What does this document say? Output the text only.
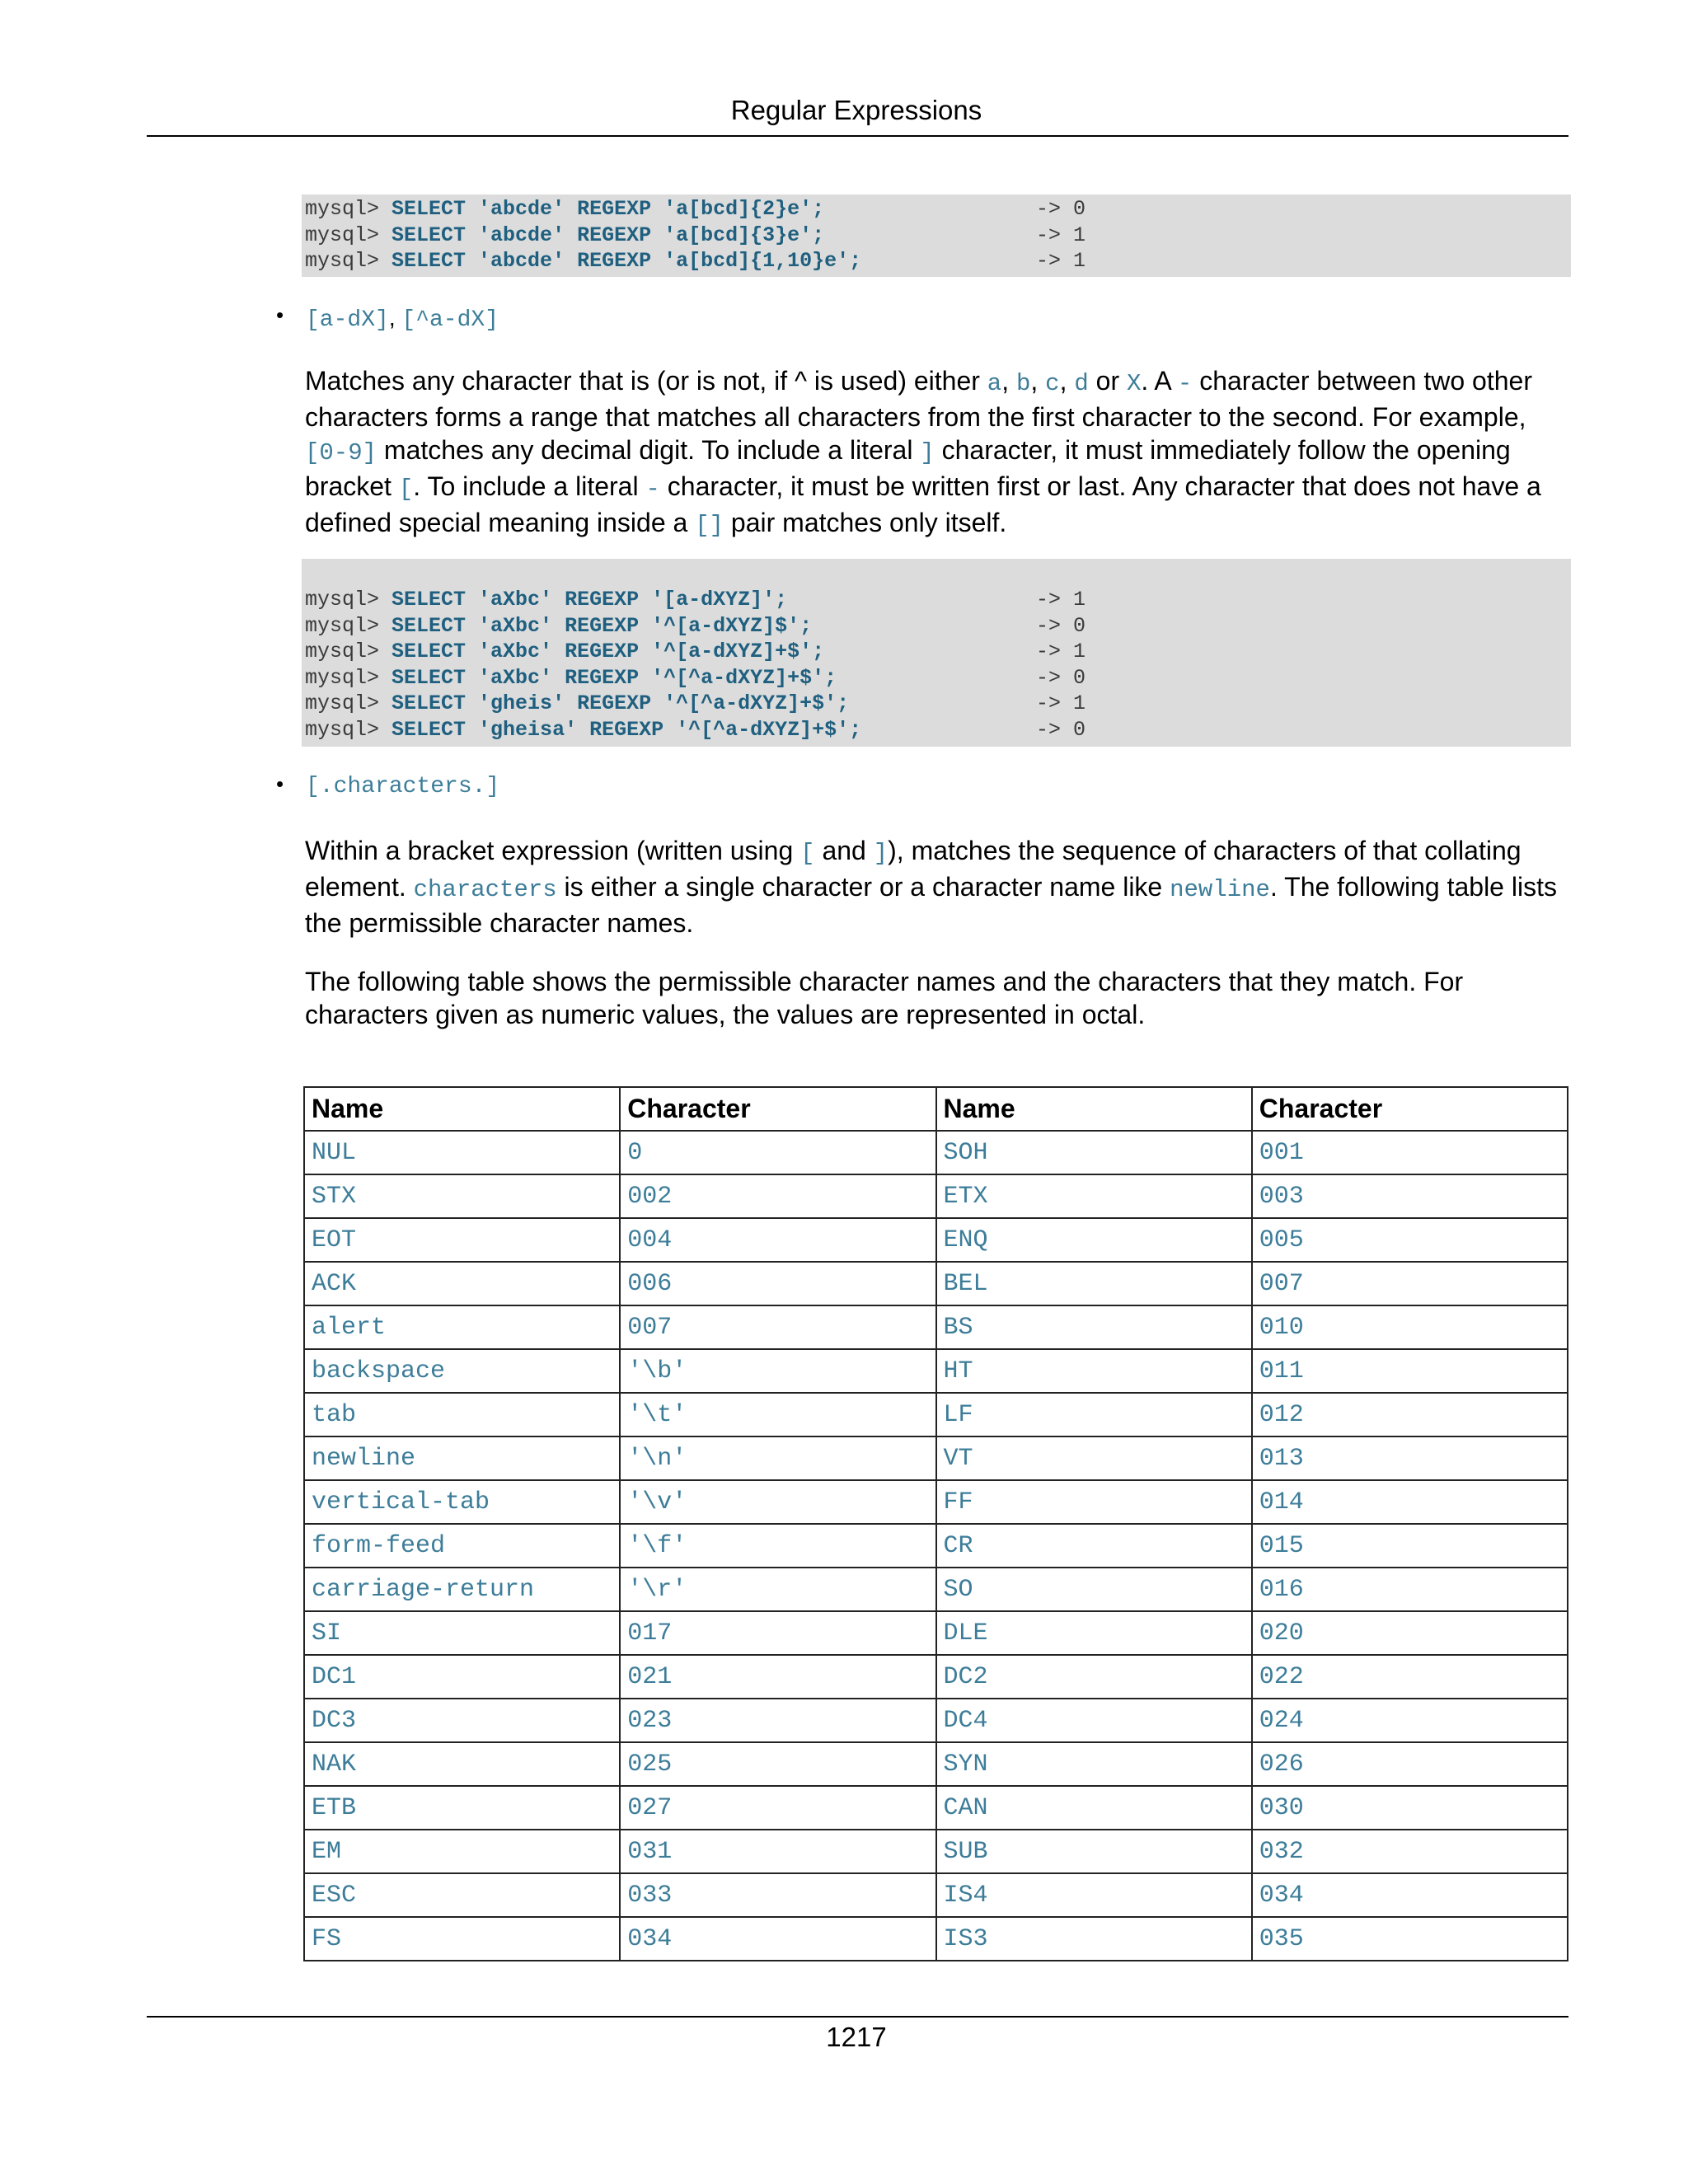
Regular Expressions
mysql> SELECT 'abcde' REGEXP 'a[bcd]{2}e';	-> 0
mysql> SELECT 'abcde' REGEXP 'a[bcd]{3}e';	-> 1
mysql> SELECT 'abcde' REGEXP 'a[bcd]{1,10}e';	-> 1
• [a-dX], [^a-dX]
Matches any character that is (or is not, if ^ is used) either a, b, c, d or X. A - character between two other characters forms a range that matches all characters from the first character to the second. For example, [0-9] matches any decimal digit. To include a literal ] character, it must immediately follow the opening bracket [. To include a literal - character, it must be written first or last. Any character that does not have a defined special meaning inside a [] pair matches only itself.
mysql> SELECT 'aXbc' REGEXP '[a-dXYZ]';	-> 1
mysql> SELECT 'aXbc' REGEXP '^[a-dXYZ]$';	-> 0
mysql> SELECT 'aXbc' REGEXP '^[a-dXYZ]+$';	-> 1
mysql> SELECT 'aXbc' REGEXP '^[^a-dXYZ]+$';	-> 0
mysql> SELECT 'gheis' REGEXP '^[^a-dXYZ]+$';	-> 1
mysql> SELECT 'gheisa' REGEXP '^[^a-dXYZ]+$';	-> 0
• [.characters.]
Within a bracket expression (written using [ and ]), matches the sequence of characters of that collating element. characters is either a single character or a character name like newline. The following table lists the permissible character names.
The following table shows the permissible character names and the characters that they match. For characters given as numeric values, the values are represented in octal.
Name	Character	Name	Character
NUL	0	SOH	001
STX	002	ETX	003
EOT	004	ENQ	005
ACK	006	BEL	007
alert	007	BS	010
backspace	'\b'	HT	011
tab	'\t'	LF	012
newline	'\n'	VT	013
vertical-tab	'\v'	FF	014
form-feed	'\f'	CR	015
carriage-return	'\r'	SO	016
SI	017	DLE	020
DC1	021	DC2	022
DC3	023	DC4	024
NAK	025	SYN	026
ETB	027	CAN	030
EM	031	SUB	032
ESC	033	IS4	034
FS	034	IS3	035
1217
